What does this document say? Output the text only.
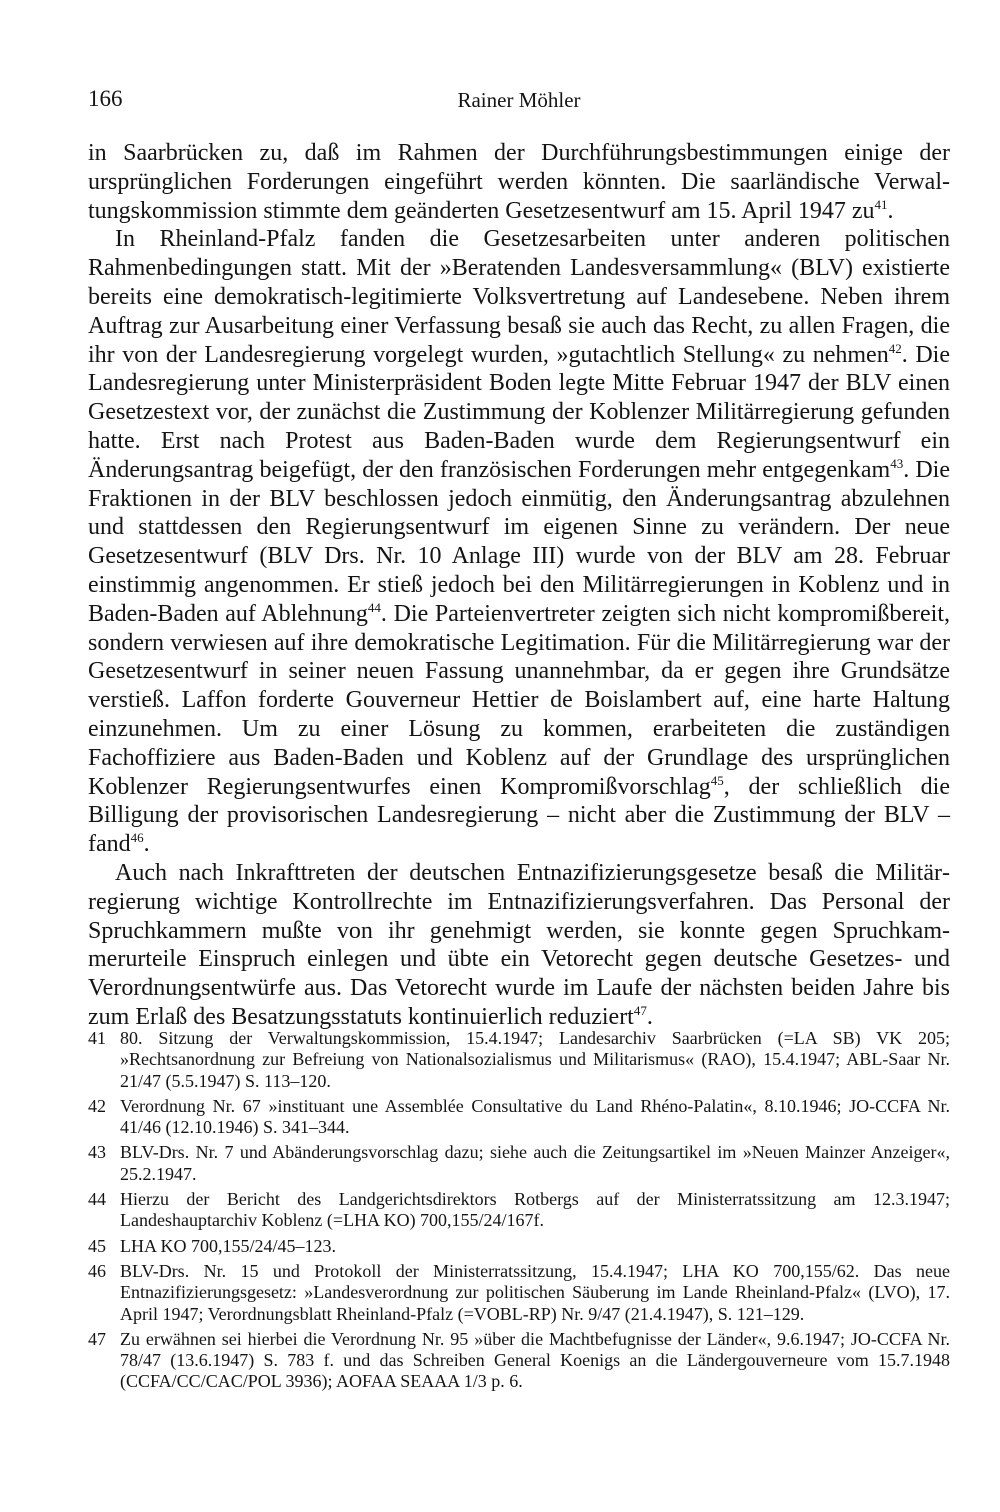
166	Rainer Möhler

in Saarbrücken zu, daß im Rahmen der Durchführungsbestimmungen einige der ursprünglichen Forderungen eingeführt werden könnten. Die saarländische Verwaltungskommission stimmte dem geänderten Gesetzesentwurf am 15. April 1947 $zu^{41}$.

In Rheinland-Pfalz fanden die Gesetzesarbeiten unter anderen politischen Rahmenbedingungen statt. Mit der »Beratenden Landesversammlung« (BLV) existierte bereits eine demokratisch-legitimierte Volksvertretung auf Landesebene. Neben ihrem Auftrag zur Ausarbeitung einer Verfassung besaß sie auch das Recht, zu allen Fragen, die ihr von der Landesregierung vorgelegt wurden, »gutachtlich Stellung« zu nehmen$^{42}$. Die Landesregierung unter Ministerpräsident Boden legte Mitte Februar 1947 der BLV einen Gesetzestext vor, der zunächst die Zustimmung der Koblenzer Militärregierung gefunden hatte. Erst nach Protest aus Baden-Baden wurde dem Regierungsentwurf ein Änderungsantrag beigefügt, der den französischen Forderungen mehr entgegenkam$^{43}$. Die Fraktionen in der BLV beschlossen jedoch einmütig, den Änderungsantrag abzulehnen und stattdessen den Regierungsentwurf im eigenen Sinne zu verändern. Der neue Gesetzesentwurf (BLV Drs. Nr. 10 Anlage III) wurde von der BLV am 28. Februar einstimmig angenommen. Er stieß jedoch bei den Militärregierungen in Koblenz und in Baden-Baden auf Ablehnung$^{44}$. Die Parteienvertreter zeigten sich nicht kompromißbereit, sondern verwiesen auf ihre demokratische Legitimation. Für die Militärregierung war der Gesetzesentwurf in seiner neuen Fassung unannehmbar, da er gegen ihre Grundsätze verstieß. Laffon forderte Gouverneur Hettier de Boislambert auf, eine harte Haltung einzunehmen. Um zu einer Lösung zu kommen, erarbeiteten die zuständigen Fachoffiziere aus Baden-Baden und Koblenz auf der Grundlage des ursprünglichen Koblenzer Regierungsentwurfes einen Kompromißvorschlag$^{45}$, der schließlich die Billigung der provisorischen Landesregierung – nicht aber die Zustimmung der BLV – fand$^{46}$.

Auch nach Inkrafttreten der deutschen Entnazifizierungsgesetze besaß die Militärregierung wichtige Kontrollrechte im Entnazifizierungsverfahren. Das Personal der Spruchkammern mußte von ihr genehmigt werden, sie konnte gegen Spruchkammerurteile Einspruch einlegen und übte ein Vetorecht gegen deutsche Gesetzes- und Verordnungsentwürfe aus. Das Vetorecht wurde im Laufe der nächsten beiden Jahre bis zum Erlaß des Besatzungsstatuts kontinuierlich reduziert$^{47}$.

41 80. Sitzung der Verwaltungskommission, 15.4.1947; Landesarchiv Saarbrücken (=LA SB) VK 205; »Rechtsanordnung zur Befreiung von Nationalsozialismus und Militarismus« (RAO), 15.4.1947; ABL-Saar Nr. 21/47 (5.5.1947) S. 113–120.
42 Verordnung Nr. 67 »instituant une Assemblée Consultative du Land Rhéno-Palatin«, 8.10.1946; JO-CCFA Nr. 41/46 (12.10.1946) S. 341–344.
43 BLV-Drs. Nr. 7 und Abänderungsvorschlag dazu; siehe auch die Zeitungsartikel im »Neuen Mainzer Anzeiger«, 25.2.1947.
44 Hierzu der Bericht des Landgerichtsdirektors Rotbergs auf der Ministerratssitzung am 12.3.1947; Landeshauptarchiv Koblenz (=LHA KO) 700,155/24/167f.
45 LHA KO 700,155/24/45–123.
46 BLV-Drs. Nr. 15 und Protokoll der Ministerratssitzung, 15.4.1947; LHA KO 700,155/62. Das neue Entnazifizierungsgesetz: »Landesverordnung zur politischen Säuberung im Lande Rheinland-Pfalz« (LVO), 17. April 1947; Verordnungsblatt Rheinland-Pfalz (=VOBL-RP) Nr. 9/47 (21.4.1947), S. 121–129.
47 Zu erwähnen sei hierbei die Verordnung Nr. 95 »über die Machtbefugnisse der Länder«, 9.6.1947; JO-CCFA Nr. 78/47 (13.6.1947) S. 783 f. und das Schreiben General Koenigs an die Ländergouverneure vom 15.7.1948 (CCFA/CC/CAC/POL 3936); AOFAA SEAAA 1/3 p. 6.
